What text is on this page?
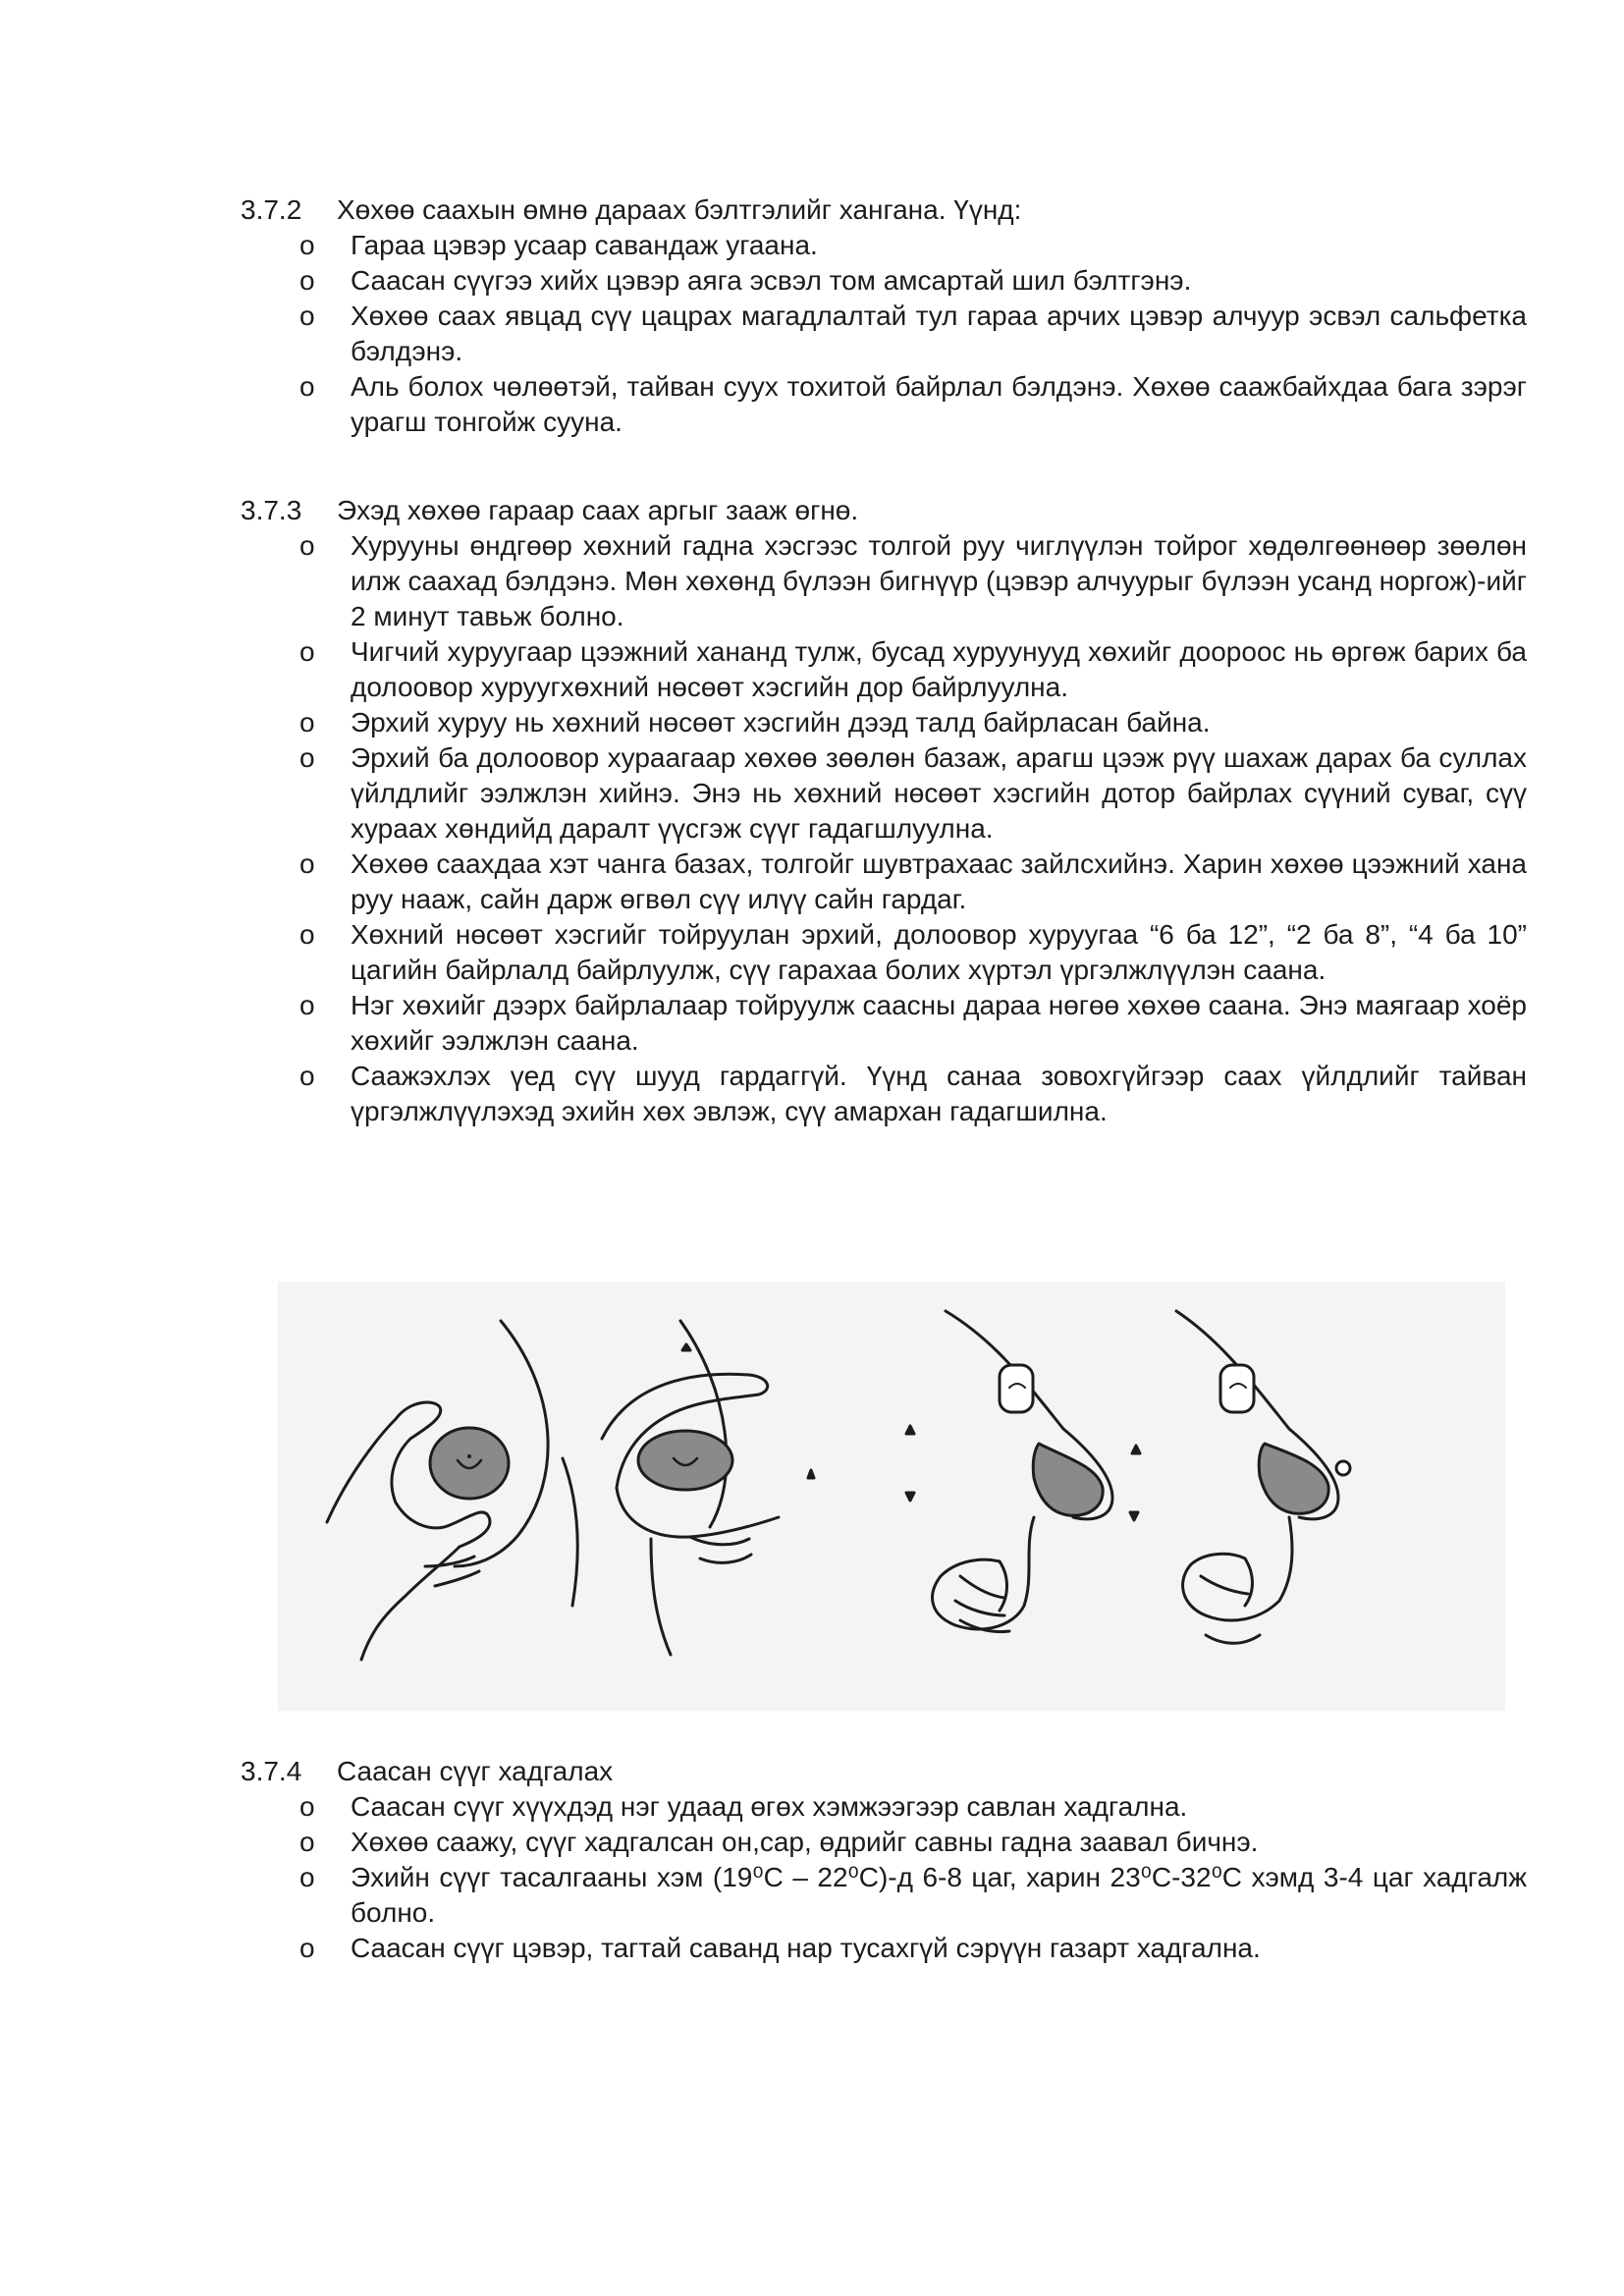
3.7.2	Хөхөө саахын өмнө дараах бэлтгэлийг хангана. Үүнд:

o Гараа цэвэр усаар савандаж угаана.
o Саасан сүүгээ хийх цэвэр аяга эсвэл том амсартай шил бэлтгэнэ.
o Хөхөө саах явцад сүү цацрах магадлалтай тул гараа арчих цэвэр алчуур эсвэл сальфетка бэлдэнэ.
o Аль болох чөлөөтэй, тайван суух тохитой байрлал бэлдэнэ. Хөхөө саажбайхдаа бага зэрэг урагш тонгойж сууна.

3.7.3	Эхэд хөхөө гараар саах аргыг зааж өгнө.

o Хурууны өндгөөр хөхний гадна хэсгээс толгой руу чиглүүлэн тойрог хөдөлгөөнөөр зөөлөн илж саахад бэлдэнэ. Мөн хөхөнд бүлээн бигнүүр (цэвэр алчуурыг бүлээн усанд норгож)-ийг 2 минут тавьж болно.
o Чигчий хуруугаар цээжний хананд тулж, бусад хуруунууд хөхийг доороос нь өргөж барих ба долоовор хуруугхөхний нөсөөт хэсгийн дор байрлуулна.
o Эрхий хуруу нь хөхний нөсөөт хэсгийн дээд талд байрласан байна.
o Эрхий ба долоовор хураагаар хөхөө зөөлөн базаж, арагш цээж рүү шахаж дарах ба суллах үйлдлийг ээлжлэн хийнэ. Энэ нь хөхний нөсөөт хэсгийн дотор байрлах сүүний суваг, сүү хураах хөндийд даралт үүсгэж сүүг гадагшлуулна.
o Хөхөө саахдаа хэт чанга базах, толгойг шувтрахаас зайлсхийнэ. Харин хөхөө цээжний хана руу нааж, сайн дарж өгвөл сүү илүү сайн гардаг.
o Хөхний нөсөөт хэсгийг тойруулан эрхий, долоовор хуруугаа “6 ба 12”, “2 ба 8”, “4 ба 10” цагийн байрлалд байрлуулж, сүү гарахаа болих хүртэл үргэлжлүүлэн саана.
o Нэг хөхийг дээрх байрлалаар тойруулж саасны дараа нөгөө хөхөө саана. Энэ маягаар хоёр хөхийг ээлжлэн саана.
o Саажэхлэх үед сүү шууд гардаггүй. Үүнд санаа зовохгүйгээр саах үйлдлийг тайван үргэлжлүүлэхэд эхийн хөх эвлэж, сүү амархан гадагшилна.

3.7.4	Саасан сүүг хадгалах

o Саасан сүүг хүүхдэд нэг удаад өгөх хэмжээгээр савлан хадгална.
o Хөхөө саажу, сүүг хадгалсан он,сар, өдрийг савны гадна заавал бичнэ.
o Эхийн сүүг тасалгааны хэм (19⁰С – 22⁰С)-д 6-8 цаг, харин 23⁰С-32⁰С хэмд 3-4 цаг хадгалж болно.
o Саасан сүүг цэвэр, тагтай саванд нар тусахгүй сэрүүн газарт хадгална.
